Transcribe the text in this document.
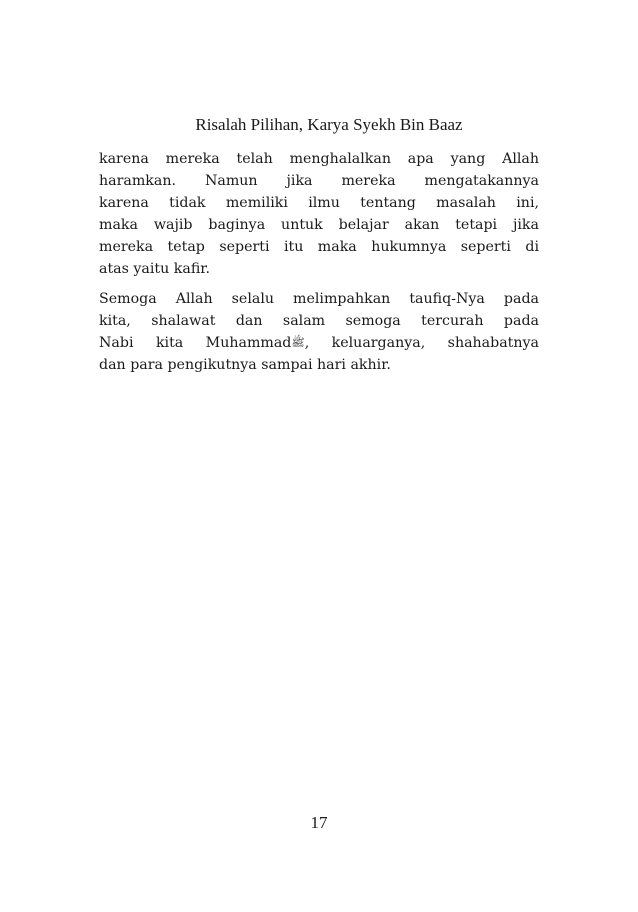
Risalah Pilihan, Karya Syekh Bin Baaz
karena mereka telah menghalalkan apa yang Allah
haramkan. Namun jika mereka mengatakannya
karena tidak memiliki ilmu tentang masalah ini,
maka wajib baginya untuk belajar akan tetapi jika
mereka tetap seperti itu maka hukumnya seperti di
atas yaitu kafir.
Semoga Allah selalu melimpahkan taufiq-Nya pada
kita, shalawat dan salam semoga tercurah pada
Nabi kita Muhammadﷺ, keluarganya, shahabatnya
dan para pengikutnya sampai hari akhir.
17
